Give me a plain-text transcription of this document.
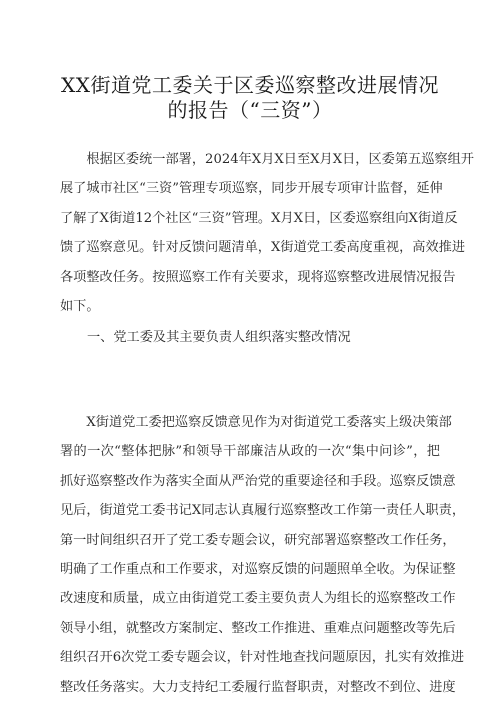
XX街道党工委关于区委巡察整改进展情况
的报告（“三资”）
　　根据区委统一部署，2024年X月X日至X月X日，区委第五巡察组开
展了城市社区“三资”管理专项巡察，同步开展专项审计监督，延伸
了解了X街道12个社区“三资”管理。X月X日，区委巡察组向X街道反
馈了巡察意见。针对反馈问题清单，X街道党工委高度重视，高效推进
各项整改任务。按照巡察工作有关要求，现将巡察整改进展情况报告
如下。
一、党工委及其主要负责人组织落实整改情况
　　X街道党工委把巡察反馈意见作为对街道党工委落实上级决策部
署的一次“整体把脉”和领导干部廉洁从政的一次“集中问诊”，把
抓好巡察整改作为落实全面从严治党的重要途径和手段。巡察反馈意
见后，街道党工委书记X同志认真履行巡察整改工作第一责任人职责，
第一时间组织召开了党工委专题会议，研究部署巡察整改工作任务，
明确了工作重点和工作要求，对巡察反馈的问题照单全收。为保证整
改速度和质量，成立由街道党工委主要负责人为组长的巡察整改工作
领导小组，就整改方案制定、整改工作推进、重难点问题整改等先后
组织召开6次党工委专题会议，针对性地查找问题原因，扎实有效推进
整改任务落实。大力支持纪工委履行监督职责，对整改不到位、进度
